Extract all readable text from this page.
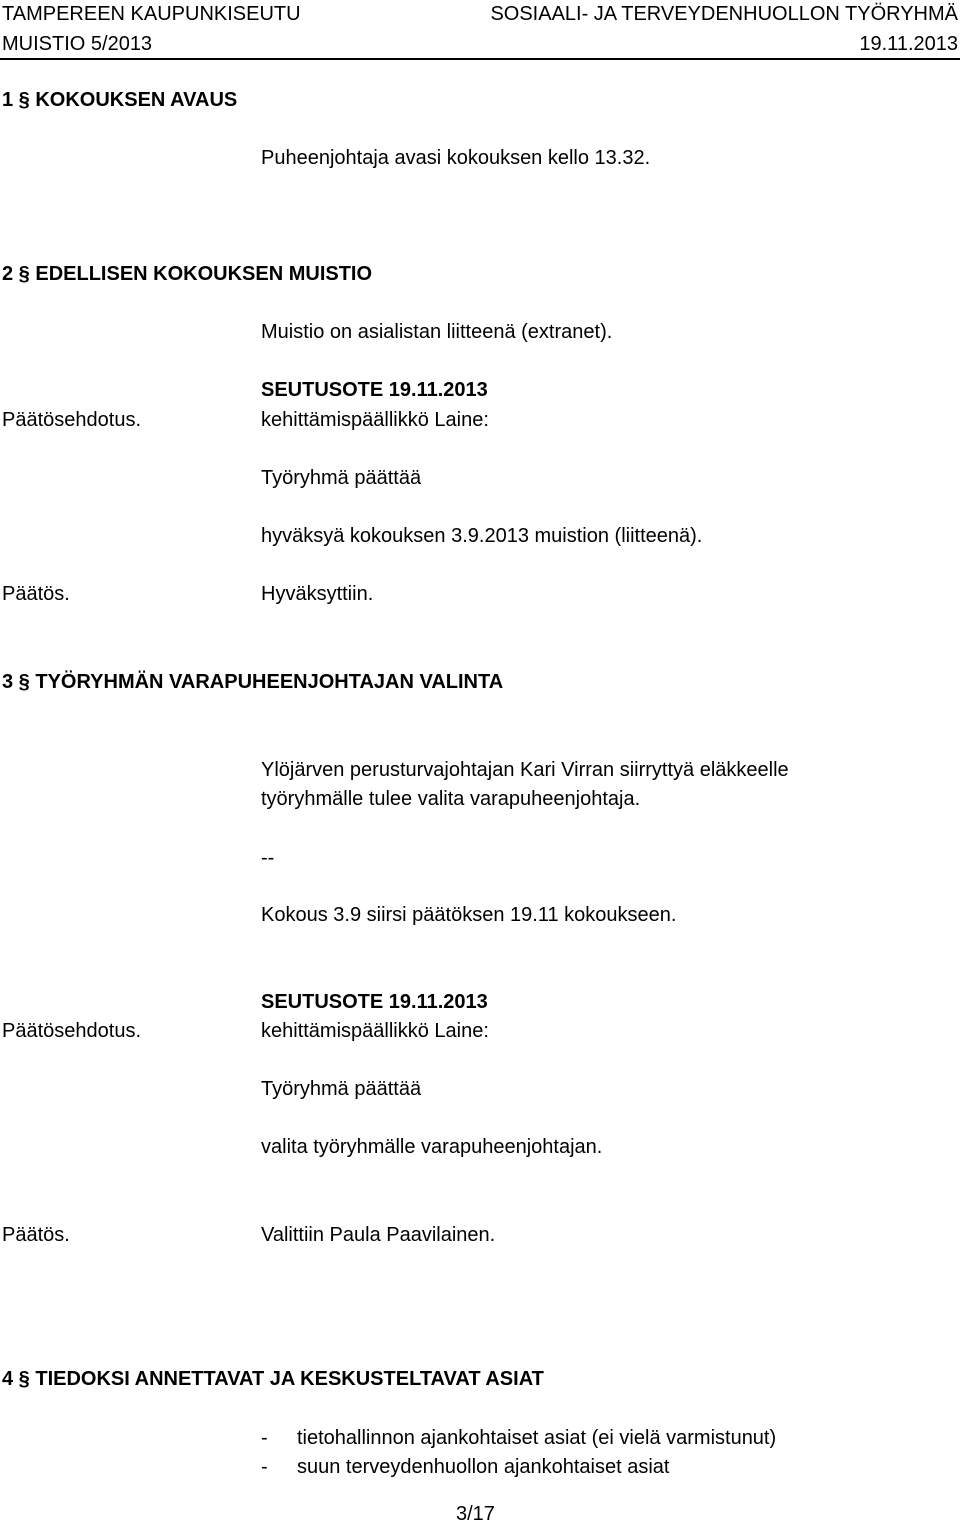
TAMPEREEN KAUPUNKISEUTU	SOSIAALI- JA TERVEYDENHUOLLON TYÖRYHMÄ
MUISTIO 5/2013	19.11.2013
1 § KOKOUKSEN AVAUS
Puheenjohtaja avasi kokouksen kello 13.32.
2 § EDELLISEN KOKOUKSEN MUISTIO
Muistio on asialistan liitteenä (extranet).
SEUTUSOTE 19.11.2013
Päätösehdotus.	kehittämispäällikkö Laine:
Työryhmä päättää
hyväksyä kokouksen 3.9.2013 muistion (liitteenä).
Päätös.	Hyväksyttiin.
3 § TYÖRYHMÄN VARAPUHEENJOHTAJAN VALINTA
Ylöjärven perusturvajohtajan Kari Virran siirryttyä eläkkeelle
työryhmälle tulee valita varapuheenjohtaja.
--
Kokous 3.9 siirsi päätöksen 19.11 kokoukseen.
SEUTUSOTE 19.11.2013
Päätösehdotus.	kehittämispäällikkö Laine:
Työryhmä päättää
valita työryhmälle varapuheenjohtajan.
Päätös.	Valittiin Paula Paavilainen.
4 § TIEDOKSI ANNETTAVAT JA KESKUSTELTAVAT ASIAT
- tietohallinnon ajankohtaiset asiat (ei vielä varmistunut)
- suun terveydenhuollon ajankohtaiset asiat
3/17
